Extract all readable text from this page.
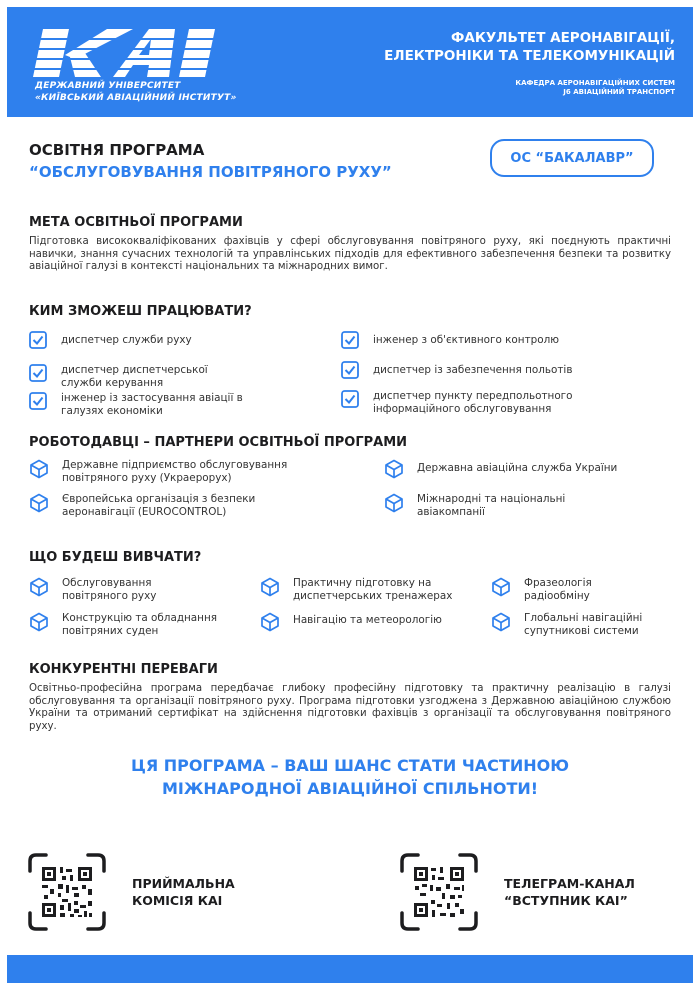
ДЕРЖАВНИЙ УНІВЕРСИТЕТ
«КИЇВСЬКИЙ АВІАЦІЙНИЙ ІНСТИТУТ»
ФАКУЛЬТЕТ АЕРОНАВІГАЦІЇ,
ЕЛЕКТРОНІКИ ТА ТЕЛЕКОМУНІКАЦІЙ
КАФЕДРА АЕРОНАВІГАЦІЙНИХ СИСТЕМ
J6 АВІАЦІЙНИЙ ТРАНСПОРТ
ОСВІТНЯ ПРОГРАМА
“ОБСЛУГОВУВАННЯ ПОВІТРЯНОГО РУХУ”
ОС “БАКАЛАВР”
МЕТА ОСВІТНЬОЇ ПРОГРАМИ
Підготовка висококваліфікованих фахівців у сфері обслуговування повітряного руху, які поєднують практичні навички, знання сучасних технологій та управлінських підходів для ефективного забезпечення безпеки та розвитку авіаційної галузі в контексті національних та міжнародних вимог.
КИМ ЗМОЖЕШ ПРАЦЮВАТИ?
диспетчер служби руху
диспетчер диспетчерської служби керування
інженер із застосування авіації в галузях економіки
інженер з об'єктивного контролю
диспетчер із забезпечення польотів
диспетчер пункту передпольотного інформаційного обслуговування
РОБОТОДАВЦІ – ПАРТНЕРИ ОСВІТНЬОЇ ПРОГРАМИ
Державне підприємство обслуговування повітряного руху (Украерорух)
Європейська організація з безпеки аеронавігації (EUROCONTROL)
Державна авіаційна служба України
Міжнародні та національні авіакомпанії
ЩО БУДЕШ ВИВЧАТИ?
Обслуговування повітряного руху
Конструкцію та обладнання повітряних суден
Практичну підготовку на диспетчерських тренажерах
Навігацію та метеорологію
Фразеологія радіообміну
Глобальні навігаційні супутникові системи
КОНКУРЕНТНІ ПЕРЕВАГИ
Освітньо-професійна програма передбачає глибоку професійну підготовку та практичну реалізацію в галузі обслуговування та організації повітряного руху. Програма підготовки узгоджена з Державною авіаційною службою України та отриманий сертифікат на здійснення підготовки фахівців з організації та обслуговування повітряного руху.
ЦЯ ПРОГРАМА – ВАШ ШАНС СТАТИ ЧАСТИНОЮ
МІЖНАРОДНОЇ АВІАЦІЙНОЇ СПІЛЬНОТИ!
ПРИЙМАЛЬНА
КОМІСІЯ КАІ
ТЕЛЕГРАМ-КАНАЛ
“ВСТУПНИК КАІ”
